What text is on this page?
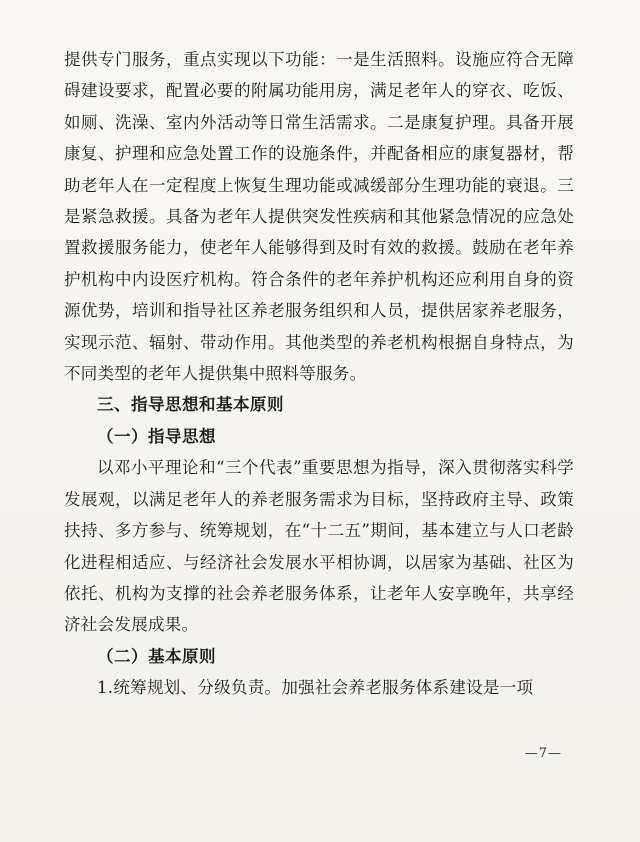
提供专门服务，重点实现以下功能：一是生活照料。设施应符合无障碍建设要求，配置必要的附属功能用房，满足老年人的穿衣、吃饭、如厕、洗澡、室内外活动等日常生活需求。二是康复护理。具备开展康复、护理和应急处置工作的设施条件，并配备相应的康复器材，帮助老年人在一定程度上恢复生理功能或减缓部分生理功能的衰退。三是紧急救援。具备为老年人提供突发性疾病和其他紧急情况的应急处置救援服务能力，使老年人能够得到及时有效的救援。鼓励在老年养护机构中内设医疗机构。符合条件的老年养护机构还应利用自身的资源优势，培训和指导社区养老服务组织和人员，提供居家养老服务，实现示范、辐射、带动作用。其他类型的养老机构根据自身特点，为不同类型的老年人提供集中照料等服务。

三、指导思想和基本原则

（一）指导思想

以邓小平理论和“三个代表”重要思想为指导，深入贯彻落实科学发展观，以满足老年人的养老服务需求为目标，坚持政府主导、政策扶持、多方参与、统筹规划，在“十二五”期间，基本建立与人口老龄化进程相适应、与经济社会发展水平相协调，以居家为基础、社区为依托、机构为支撑的社会养老服务体系，让老年人安享晚年，共享经济社会发展成果。

（二）基本原则

1.统筹规划、分级负责。加强社会养老服务体系建设是一项

—7—
